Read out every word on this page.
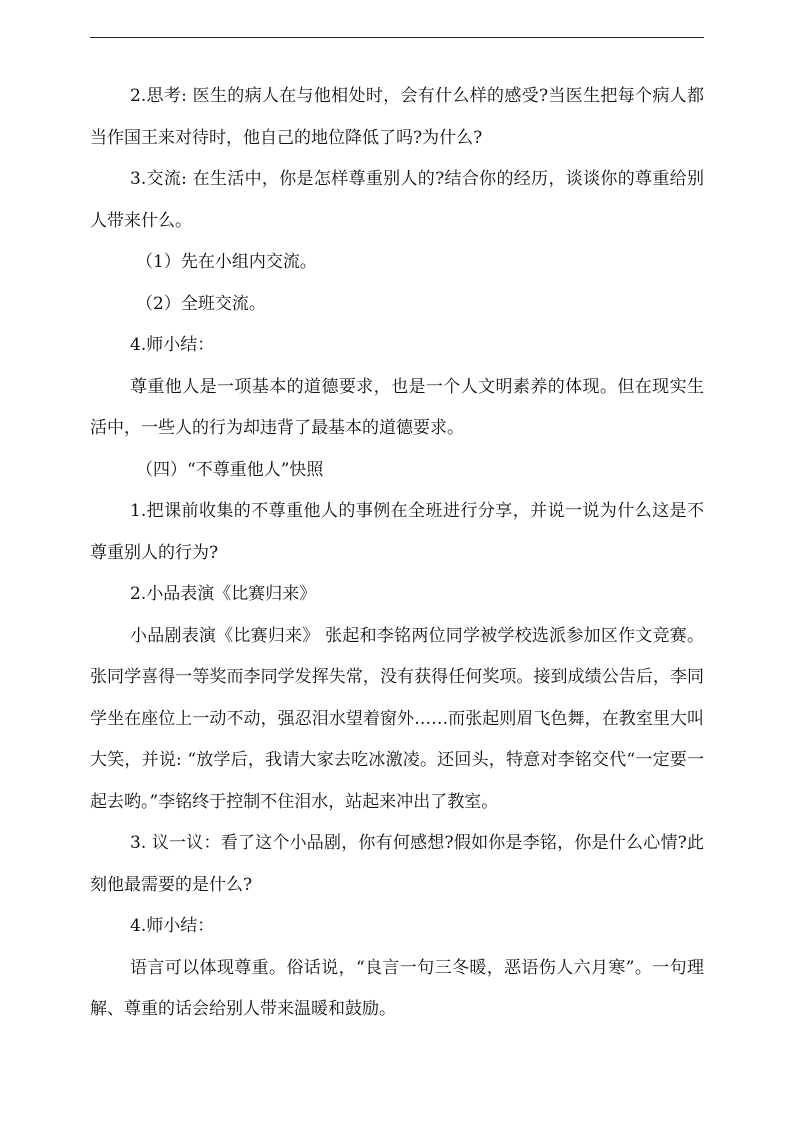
2.思考: 医生的病人在与他相处时，会有什么样的感受?当医生把每个病人都当作国王来对待时，他自己的地位降低了吗?为什么?

3.交流: 在生活中，你是怎样尊重别人的?结合你的经历，谈谈你的尊重给别人带来什么。

（1）先在小组内交流。

（2）全班交流。

4.师小结：

尊重他人是一项基本的道德要求，也是一个人文明素养的体现。但在现实生活中，一些人的行为却违背了最基本的道德要求。

（四）“不尊重他人”快照

1.把课前收集的不尊重他人的事例在全班进行分享，并说一说为什么这是不尊重别人的行为?

2.小品表演《比赛归来》

小品剧表演《比赛归来》 张起和李铭两位同学被学校选派参加区作文竞赛。张同学喜得一等奖而李同学发挥失常，没有获得任何奖项。接到成绩公告后，李同学坐在座位上一动不动，强忍泪水望着窗外……而张起则眉飞色舞，在教室里大叫大笑，并说: “放学后，我请大家去吃冰激凌。还回头，特意对李铭交代“一定要一起去哟。”李铭终于控制不住泪水，站起来冲出了教室。

3. 议一议：看了这个小品剧，你有何感想?假如你是李铭，你是什么心情?此刻他最需要的是什么?

4.师小结：

语言可以体现尊重。俗话说，“良言一句三冬暖，恶语伤人六月寒”。一句理解、尊重的话会给别人带来温暖和鼓励。
